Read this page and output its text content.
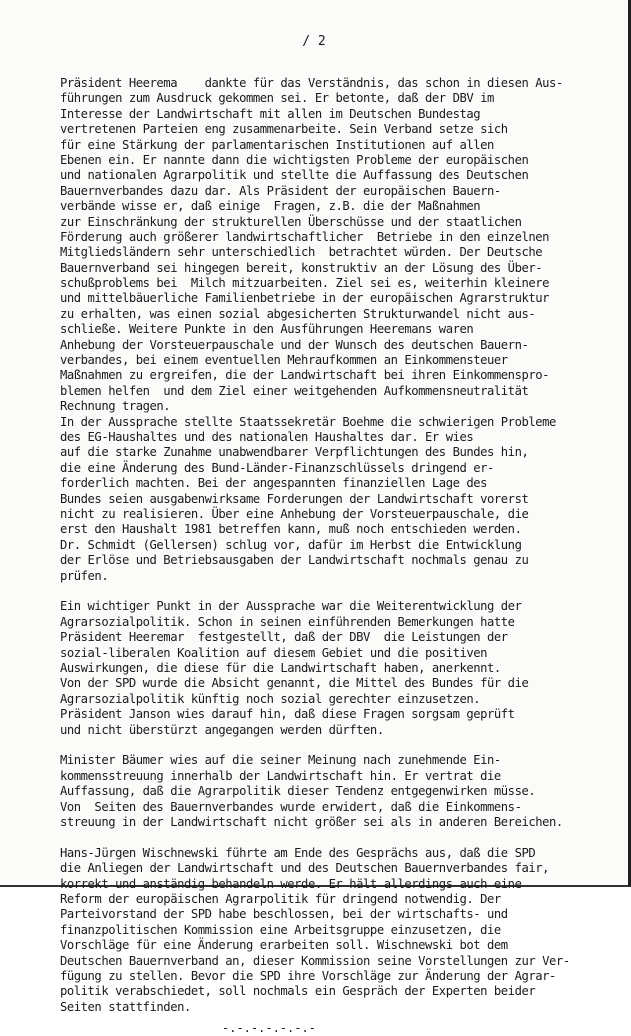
/ 2
Präsident Heerema    dankte für das Verständnis, das schon in diesen Aus-
führungen zum Ausdruck gekommen sei. Er betonte, daß der DBV im
Interesse der Landwirtschaft mit allen im Deutschen Bundestag
vertretenen Parteien eng zusammenarbeite. Sein Verband setze sich
für eine Stärkung der parlamentarischen Institutionen auf allen
Ebenen ein. Er nannte dann die wichtigsten Probleme der europäischen
und nationalen Agrarpolitik und stellte die Auffassung des Deutschen
Bauernverbandes dazu dar. Als Präsident der europäischen Bauern-
verbände wisse er, daß einige  Fragen, z.B. die der Maßnahmen
zur Einschränkung der strukturellen Überschüsse und der staatlichen
Förderung auch größerer landwirtschaftlicher  Betriebe in den einzelnen
Mitgliedsländern sehr unterschiedlich  betrachtet würden. Der Deutsche
Bauernverband sei hingegen bereit, konstruktiv an der Lösung des Über-
schußproblems bei  Milch mitzuarbeiten. Ziel sei es, weiterhin kleinere
und mittelbäuerliche Familienbetriebe in der europäischen Agrarstruktur
zu erhalten, was einen sozial abgesicherten Strukturwandel nicht aus-
schließe. Weitere Punkte in den Ausführungen Heeremans waren
Anhebung der Vorsteuerpauschale und der Wunsch des deutschen Bauern-
verbandes, bei einem eventuellen Mehraufkommen an Einkommensteuer
Maßnahmen zu ergreifen, die der Landwirtschaft bei ihren Einkommenspro-
blemen helfen  und dem Ziel einer weitgehenden Aufkommensneutralität
Rechnung tragen.
In der Aussprache stellte Staatssekretär Boehme die schwierigen Probleme
des EG-Haushaltes und des nationalen Haushaltes dar. Er wies
auf die starke Zunahme unabwendbarer Verpflichtungen des Bundes hin,
die eine Änderung des Bund-Länder-Finanzschlüssels dringend er-
forderlich machten. Bei der angespannten finanziellen Lage des
Bundes seien ausgabenwirksame Forderungen der Landwirtschaft vorerst
nicht zu realisieren. Über eine Anhebung der Vorsteuerpauschale, die
erst den Haushalt 1981 betreffen kann, muß noch entschieden werden.
Dr. Schmidt (Gellersen) schlug vor, dafür im Herbst die Entwicklung
der Erlöse und Betriebsausgaben der Landwirtschaft nochmals genau zu
prüfen.
Ein wichtiger Punkt in der Aussprache war die Weiterentwicklung der
Agrarsozialpolitik. Schon in seinen einführenden Bemerkungen hatte
Präsident Heeremar  festgestellt, daß der DBV  die Leistungen der
sozial-liberalen Koalition auf diesem Gebiet und die positiven
Auswirkungen, die diese für die Landwirtschaft haben, anerkennt.
Von der SPD wurde die Absicht genannt, die Mittel des Bundes für die
Agrarsozialpolitik künftig noch sozial gerechter einzusetzen.
Präsident Janson wies darauf hin, daß diese Fragen sorgsam geprüft
und nicht überstürzt angegangen werden dürften.
Minister Bäumer wies auf die seiner Meinung nach zunehmende Ein-
kommensstreuung innerhalb der Landwirtschaft hin. Er vertrat die
Auffassung, daß die Agrarpolitik dieser Tendenz entgegenwirken müsse.
Von  Seiten des Bauernverbandes wurde erwidert, daß die Einkommens-
streuung in der Landwirtschaft nicht größer sei als in anderen Bereichen.
Hans-Jürgen Wischnewski führte am Ende des Gesprächs aus, daß die SPD
die Anliegen der Landwirtschaft und des Deutschen Bauernverbandes fair,
korrekt und anständig behandeln werde. Er hält allerdings auch eine
Reform der europäischen Agrarpolitik für dringend notwendig. Der
Parteivorstand der SPD habe beschlossen, bei der wirtschafts- und
finanzpolitischen Kommission eine Arbeitsgruppe einzusetzen, die
Vorschläge für eine Änderung erarbeiten soll. Wischnewski bot dem
Deutschen Bauernverband an, dieser Kommission seine Vorstellungen zur Ver-
fügung zu stellen. Bevor die SPD ihre Vorschläge zur Änderung der Agrar-
politik verabschiedet, soll nochmals ein Gespräch der Experten beider
Seiten stattfinden.
-.-.-.-.-.-.-
